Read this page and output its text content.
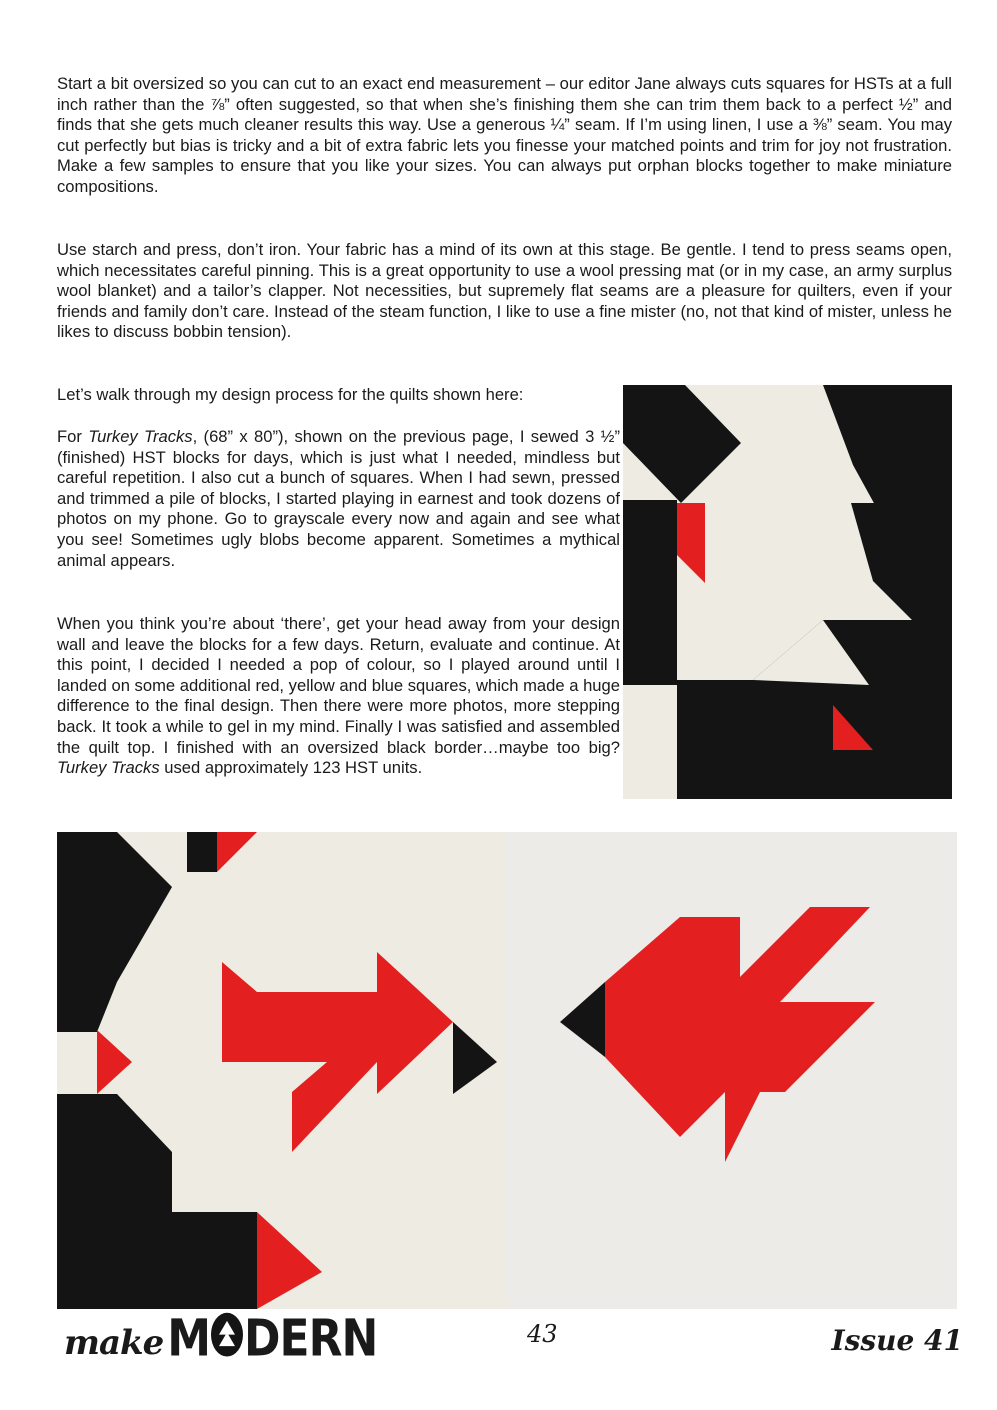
Start a bit oversized so you can cut to an exact end measurement – our editor Jane always cuts squares for HSTs at a full inch rather than the ⅞” often suggested, so that when she’s finishing them she can trim them back to a perfect ½” and finds that she gets much cleaner results this way. Use a generous ¼” seam. If I’m using linen, I use a ⅜” seam. You may cut perfectly but bias is tricky and a bit of extra fabric lets you finesse your matched points and trim for joy not frustration. Make a few samples to ensure that you like your sizes. You can always put orphan blocks together to make miniature compositions.

Use starch and press, don’t iron. Your fabric has a mind of its own at this stage. Be gentle. I tend to press seams open, which necessitates careful pinning. This is a great opportunity to use a wool pressing mat (or in my case, an army surplus wool blanket) and a tailor’s clapper. Not necessities, but supremely flat seams are a pleasure for quilters, even if your friends and family don’t care. Instead of the steam function, I like to use a fine mister (no, not that kind of mister, unless he likes to discuss bobbin tension).

Let’s walk through my design process for the quilts shown here:

For Turkey Tracks, (68” x 80”), shown on the previous page, I sewed 3 ½” (finished) HST blocks for days, which is just what I needed, mindless but careful repetition. I also cut a bunch of squares. When I had sewn, pressed and trimmed a pile of blocks, I started playing in earnest and took dozens of photos on my phone. Go to grayscale every now and again and see what you see! Sometimes ugly blobs become apparent. Sometimes a mythical animal appears.

When you think you’re about ‘there’, get your head away from your design wall and leave the blocks for a few days. Return, evaluate and continue. At this point, I decided I needed a pop of colour, so I played around until I landed on some additional red, yellow and blue squares, which made a huge difference to the final design. Then there were more photos, more stepping back. It took a while to gel in my mind. Finally I was satisfied and assembled the quilt top. I finished with an oversized black border…maybe too big? Turkey Tracks used approximately 123 HST units.

make M DERN	43	Issue 41
